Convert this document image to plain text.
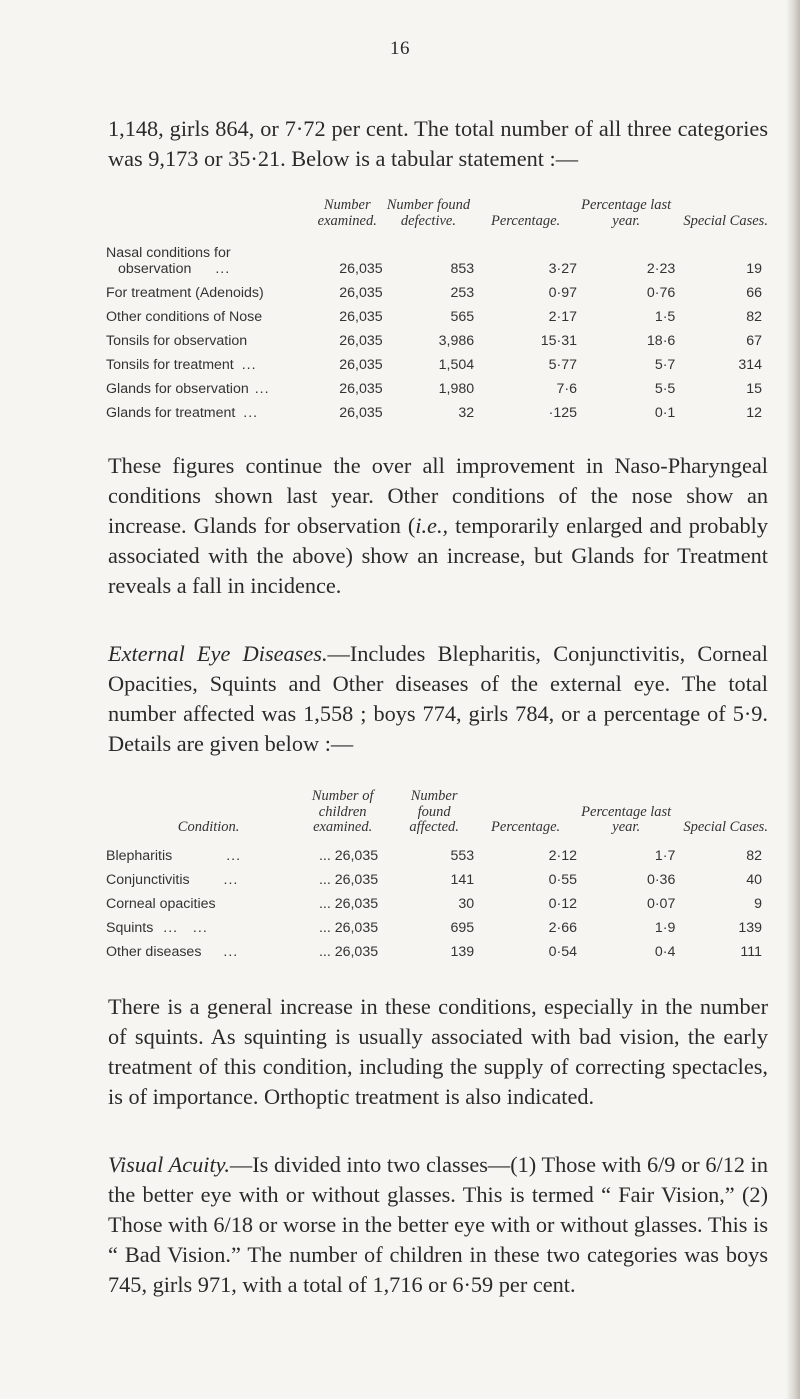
16

1,148, girls 864, or 7·72 per cent. The total number of all three categories was 9,173 or 35·21. Below is a tabular statement :—

	Number examined.	Number found defective.	Percentage.	Percentage last year.	Special Cases.

Nasal conditions for
observation ...	26,035	853	3·27	2·23	19
For treatment (Adenoids)	26,035	253	0·97	0·76	66
Other conditions of Nose	26,035	565	2·17	1·5	82
Tonsils for observation	26,035	3,986	15·31	18·6	67
Tonsils for treatment ...	26,035	1,504	5·77	5·7	314
Glands for observation ...	26,035	1,980	7·6	5·5	15
Glands for treatment ...	26,035	32	·125	0·1	12

These figures continue the over all improvement in Naso-Pharyngeal conditions shown last year. Other conditions of the nose show an increase. Glands for observation (i.e., temporarily enlarged and probably associated with the above) show an increase, but Glands for Treatment reveals a fall in incidence.

External Eye Diseases.—Includes Blepharitis, Conjunctivitis, Corneal Opacities, Squints and Other diseases of the external eye. The total number affected was 1,558 ; boys 774, girls 784, or a percentage of 5·9. Details are given below :—

Condition.	Number of children examined.	Number found affected.	Percentage.	Percentage last year.	Special Cases.
Blepharitis ...	... 26,035	553	2·12	1·7	82
Conjunctivitis ...	... 26,035	141	0·55	0·36	40
Corneal opacities	... 26,035	30	0·12	0·07	9
Squints ...   ...	... 26,035	695	2·66	1·9	139
Other diseases ...	... 26,035	139	0·54	0·4	111

There is a general increase in these conditions, especially in the number of squints. As squinting is usually associated with bad vision, the early treatment of this condition, including the supply of correcting spectacles, is of importance. Orthoptic treatment is also indicated.

Visual Acuity.—Is divided into two classes—(1) Those with 6/9 or 6/12 in the better eye with or without glasses. This is termed “ Fair Vision,” (2) Those with 6/18 or worse in the better eye with or without glasses. This is “ Bad Vision.” The number of children in these two categories was boys 745, girls 971, with a total of 1,716 or 6·59 per cent.
